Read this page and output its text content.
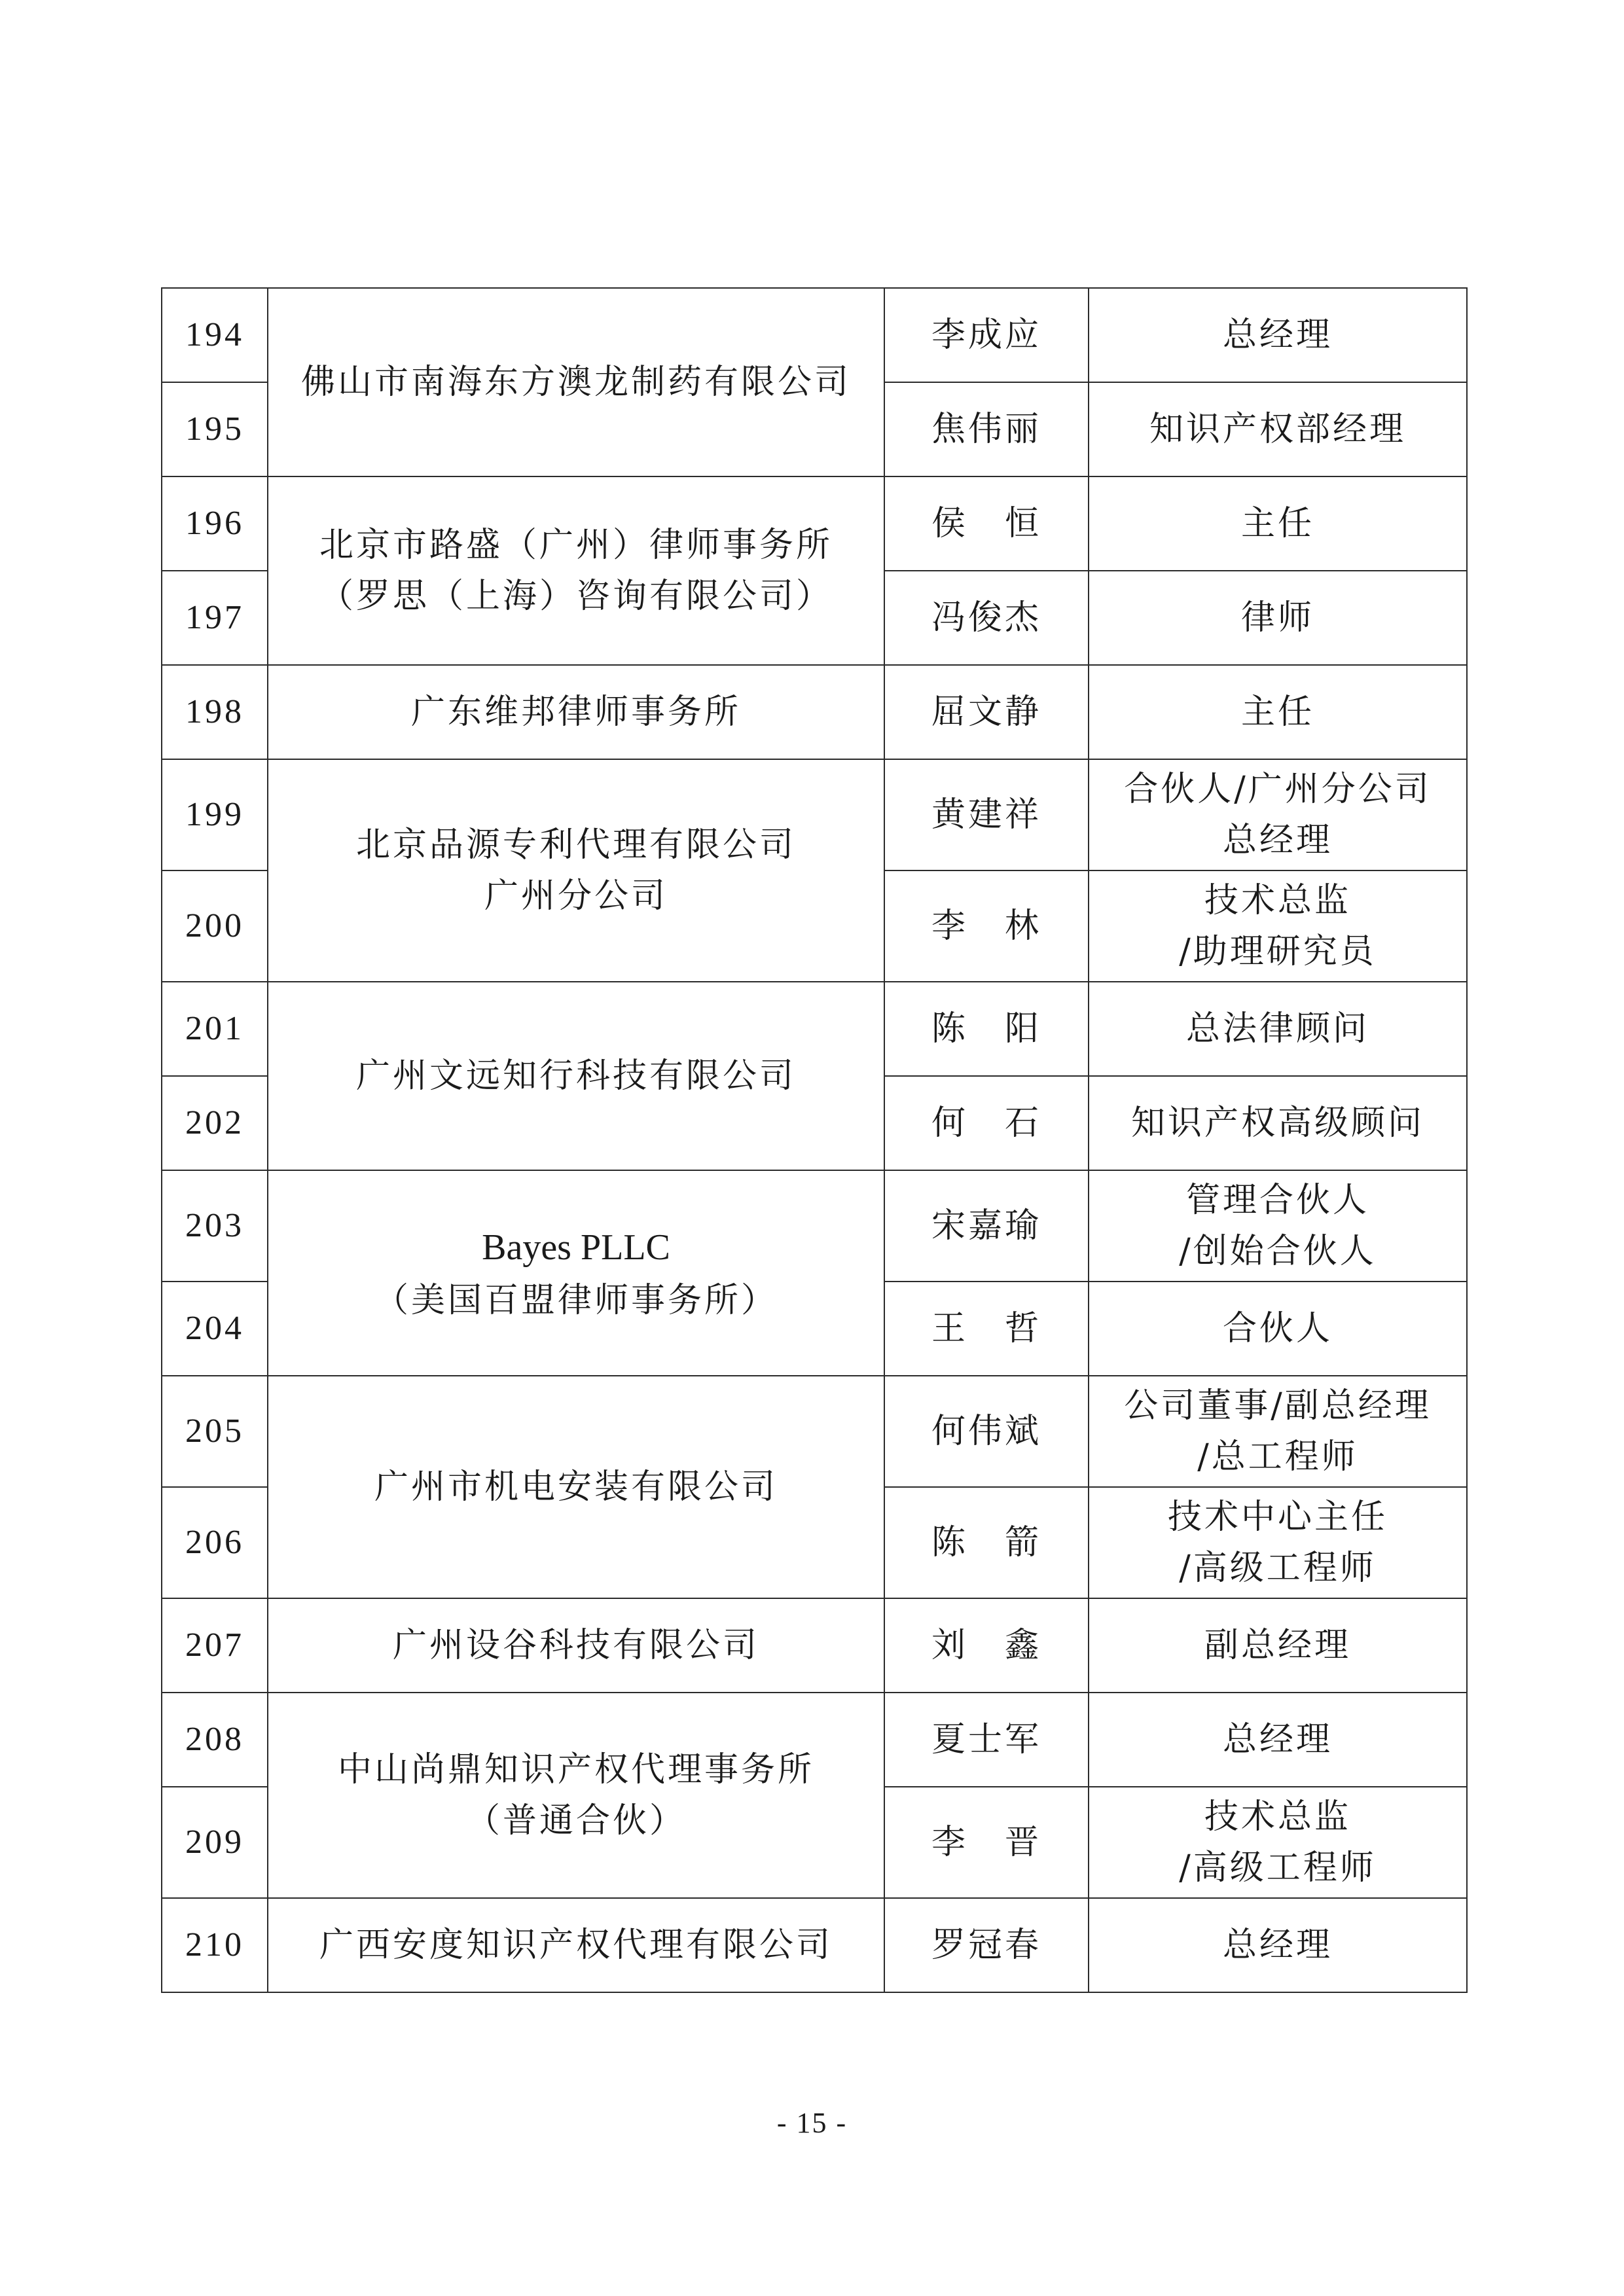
194	佛山市南海东方澳龙制药有限公司	李成应	总经理

195		焦伟丽	知识产权部经理

196	北京市路盛（广州）律师事务所
（罗思（上海）咨询有限公司）	侯　恒	主任

197		冯俊杰	律师

198	广东维邦律师事务所	屈文静	主任

199	北京品源专利代理有限公司
广州分公司	黄建祥	合伙人/广州分公司
总经理

200		李　林	技术总监
/助理研究员

201	广州文远知行科技有限公司	陈　阳	总法律顾问

202		何　石	知识产权高级顾问

203	Bayes PLLC
（美国百盟律师事务所）	宋嘉瑜	管理合伙人
/创始合伙人

204		王　哲	合伙人

205	广州市机电安装有限公司	何伟斌	公司董事/副总经理
/总工程师

206		陈　箭	技术中心主任
/高级工程师

207	广州设谷科技有限公司	刘　鑫	副总经理

208	中山尚鼎知识产权代理事务所
（普通合伙）	夏士军	总经理

209		李　晋	技术总监
/高级工程师

210	广西安度知识产权代理有限公司	罗冠春	总经理
- 15 -
